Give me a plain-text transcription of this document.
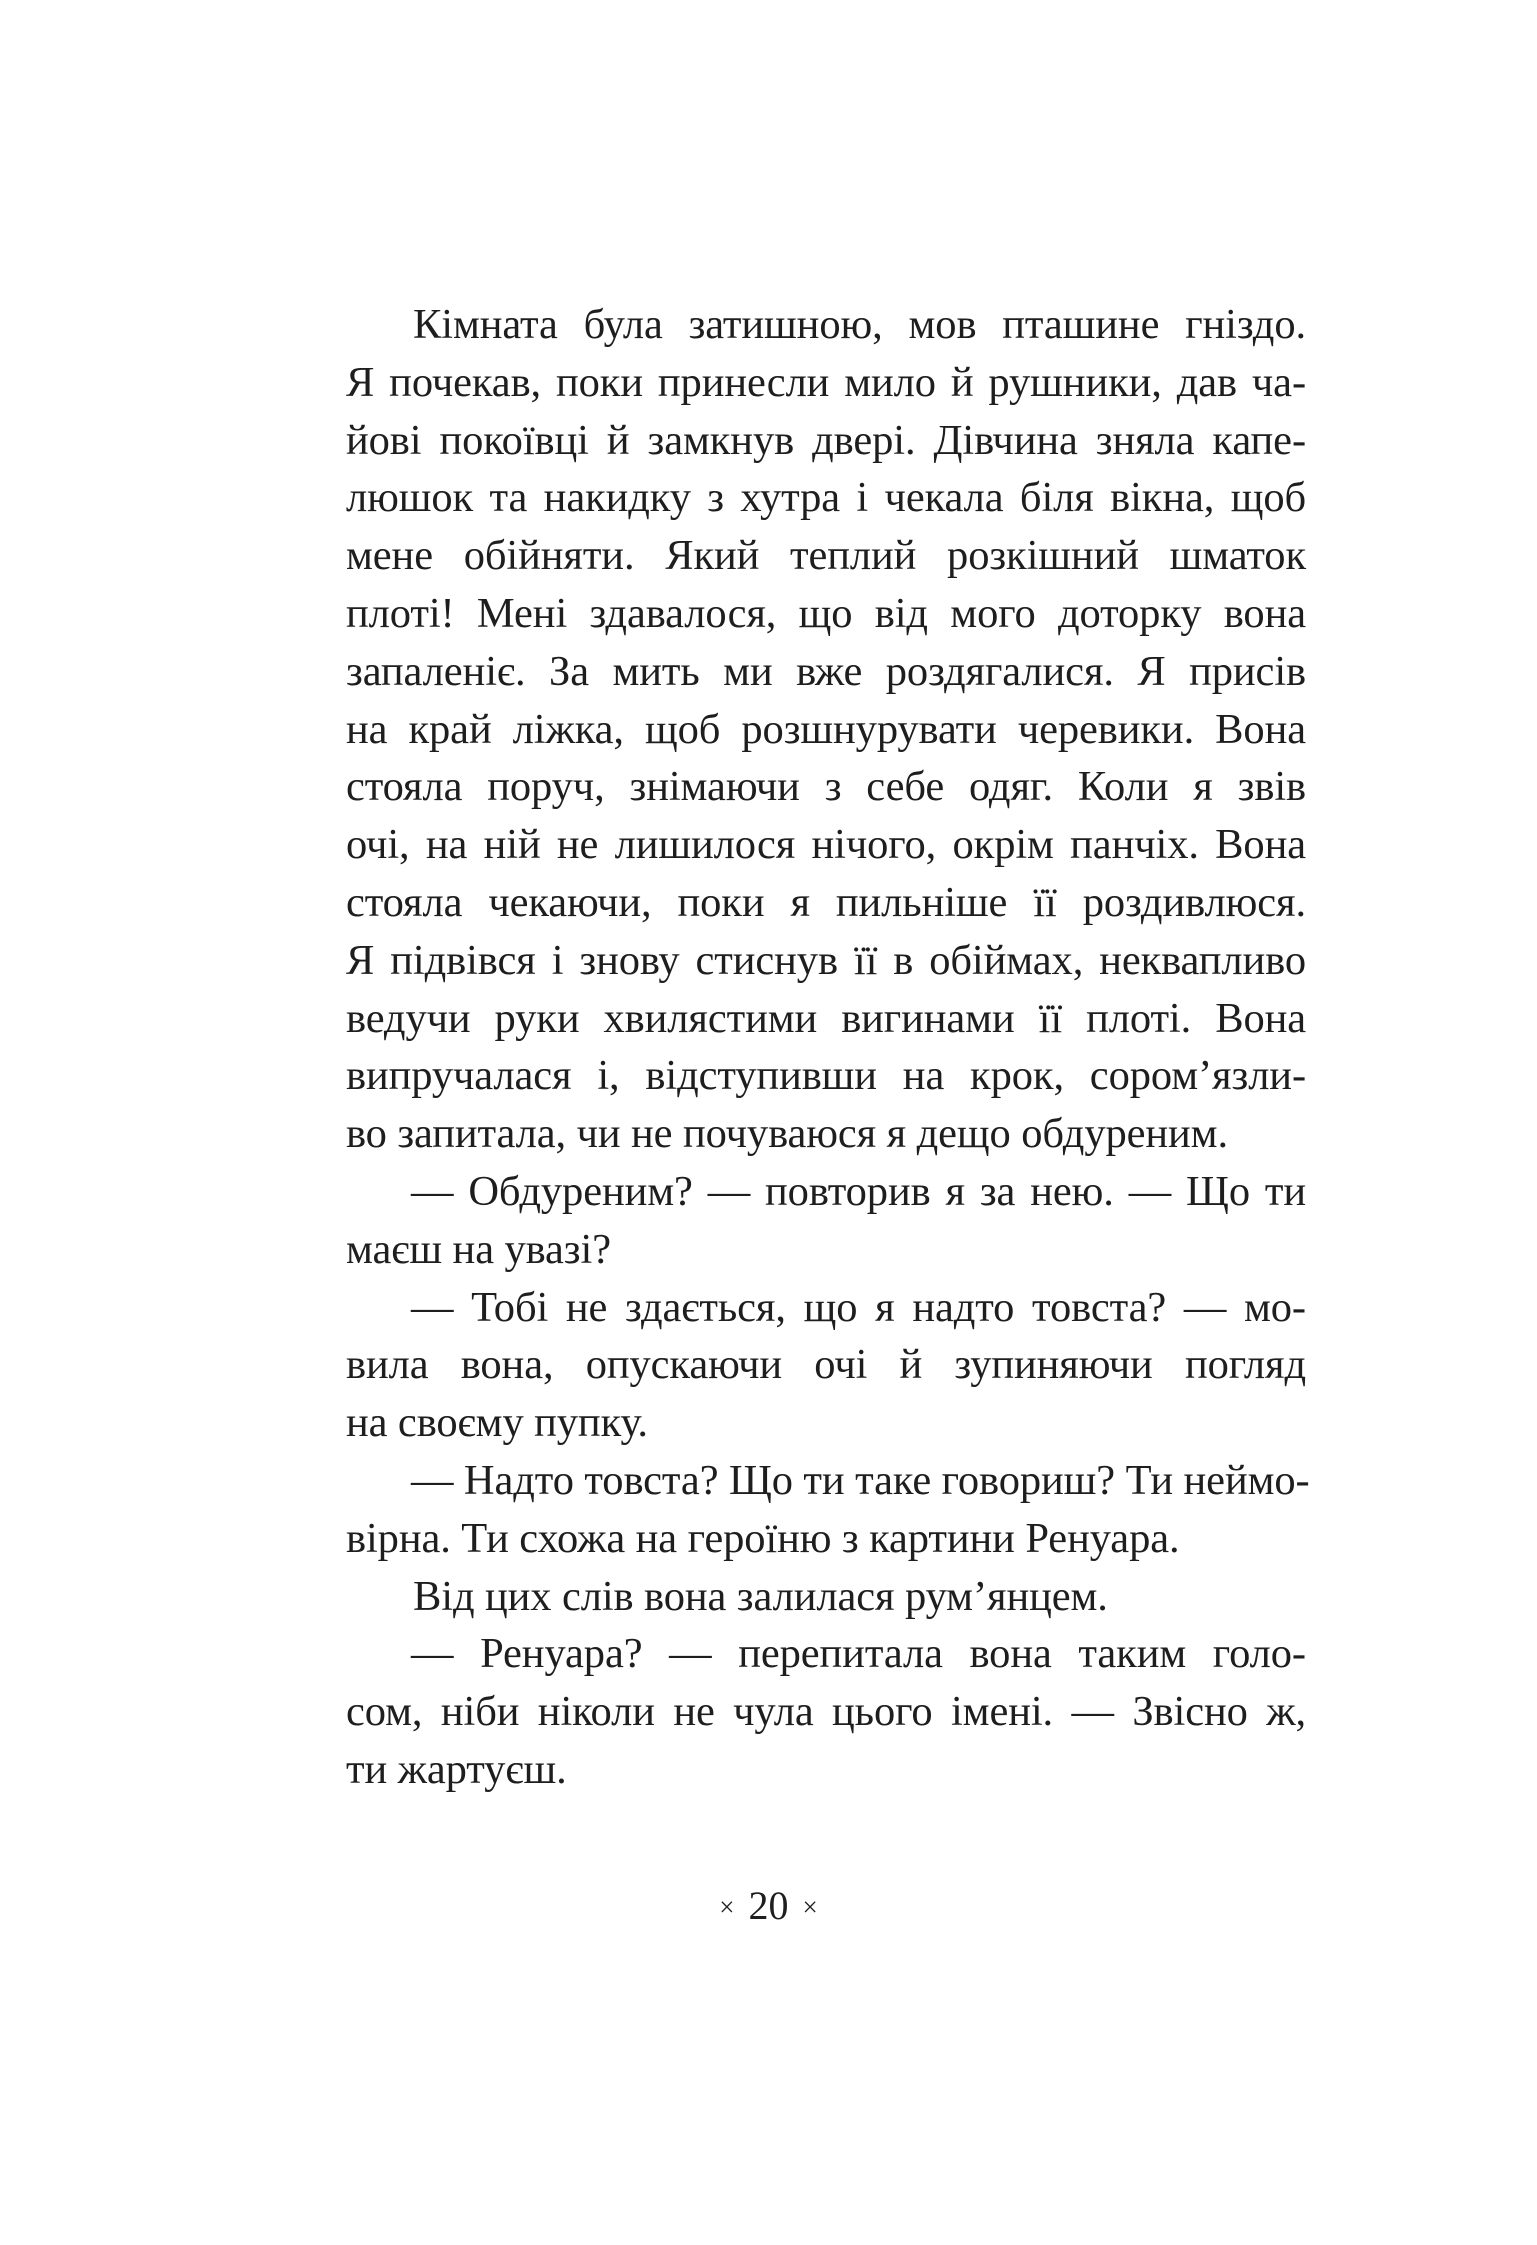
Кімната була затишною, мов пташине гніздо.
Я почекав, поки принесли мило й рушники, дав ча-
йові покоївці й замкнув двері. Дівчина зняла капе-
люшок та накидку з хутра і чекала біля вікна, щоб
мене обійняти. Який теплий розкішний шматок
плоті! Мені здавалося, що від мого доторку вона
запаленіє. За мить ми вже роздягалися. Я присів
на край ліжка, щоб розшнурувати черевики. Вона
стояла поруч, знімаючи з себе одяг. Коли я звів
очі, на ній не лишилося нічого, окрім панчіх. Вона
стояла чекаючи, поки я пильніше її роздивлюся.
Я підвівся і знову стиснув її в обіймах, неквапливо
ведучи руки хвилястими вигинами її плоті. Вона
випручалася і, відступивши на крок, сором’язли-
во запитала, чи не почуваюся я дещо обдуреним.
— Обдуреним? — повторив я за нею. — Що ти
маєш на увазі?
— Тобі не здається, що я надто товста? — мо-
вила вона, опускаючи очі й зупиняючи погляд
на своєму пупку.
— Надто товста? Що ти таке говориш? Ти неймо-
вірна. Ти схожа на героїню з картини Ренуара.
Від цих слів вона залилася рум’янцем.
— Ренуара? — перепитала вона таким голо-
сом, ніби ніколи не чула цього імені. — Звісно ж,
ти жартуєш.
× 20 ×
